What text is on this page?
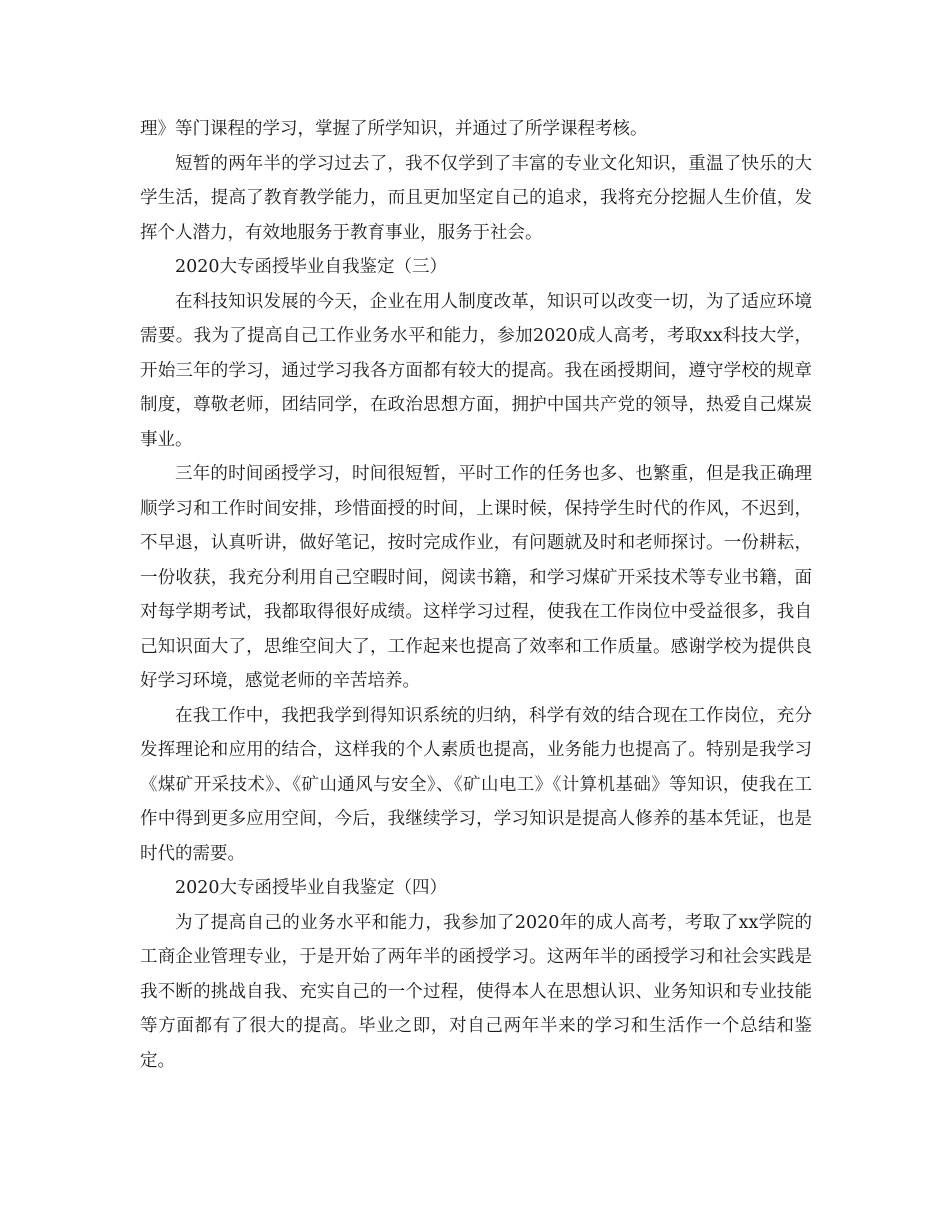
理》等门课程的学习，掌握了所学知识，并通过了所学课程考核。

短暂的两年半的学习过去了，我不仅学到了丰富的专业文化知识，重温了快乐的大学生活，提高了教育教学能力，而且更加坚定自己的追求，我将充分挖掘人生价值，发挥个人潜力，有效地服务于教育事业，服务于社会。

2020大专函授毕业自我鉴定（三）

在科技知识发展的今天，企业在用人制度改革，知识可以改变一切，为了适应环境需要。我为了提高自己工作业务水平和能力，参加2020成人高考，考取xx科技大学，开始三年的学习，通过学习我各方面都有较大的提高。我在函授期间，遵守学校的规章制度，尊敬老师，团结同学，在政治思想方面，拥护中国共产党的领导，热爱自己煤炭事业。

三年的时间函授学习，时间很短暂，平时工作的任务也多、也繁重，但是我正确理顺学习和工作时间安排，珍惜面授的时间，上课时候，保持学生时代的作风，不迟到，不早退，认真听讲，做好笔记，按时完成作业，有问题就及时和老师探讨。一份耕耘，一份收获，我充分利用自己空暇时间，阅读书籍，和学习煤矿开采技术等专业书籍，面对每学期考试，我都取得很好成绩。这样学习过程，使我在工作岗位中受益很多，我自己知识面大了，思维空间大了，工作起来也提高了效率和工作质量。感谢学校为提供良好学习环境，感觉老师的辛苦培养。

在我工作中，我把我学到得知识系统的归纳，科学有效的结合现在工作岗位，充分发挥理论和应用的结合，这样我的个人素质也提高，业务能力也提高了。特别是我学习《煤矿开采技术》、《矿山通风与安全》、《矿山电工》《计算机基础》等知识，使我在工作中得到更多应用空间，今后，我继续学习，学习知识是提高人修养的基本凭证，也是时代的需要。

2020大专函授毕业自我鉴定（四）

为了提高自己的业务水平和能力，我参加了2020年的成人高考，考取了xx学院的工商企业管理专业，于是开始了两年半的函授学习。这两年半的函授学习和社会实践是我不断的挑战自我、充实自己的一个过程，使得本人在思想认识、业务知识和专业技能等方面都有了很大的提高。毕业之即，对自己两年半来的学习和生活作一个总结和鉴定。
